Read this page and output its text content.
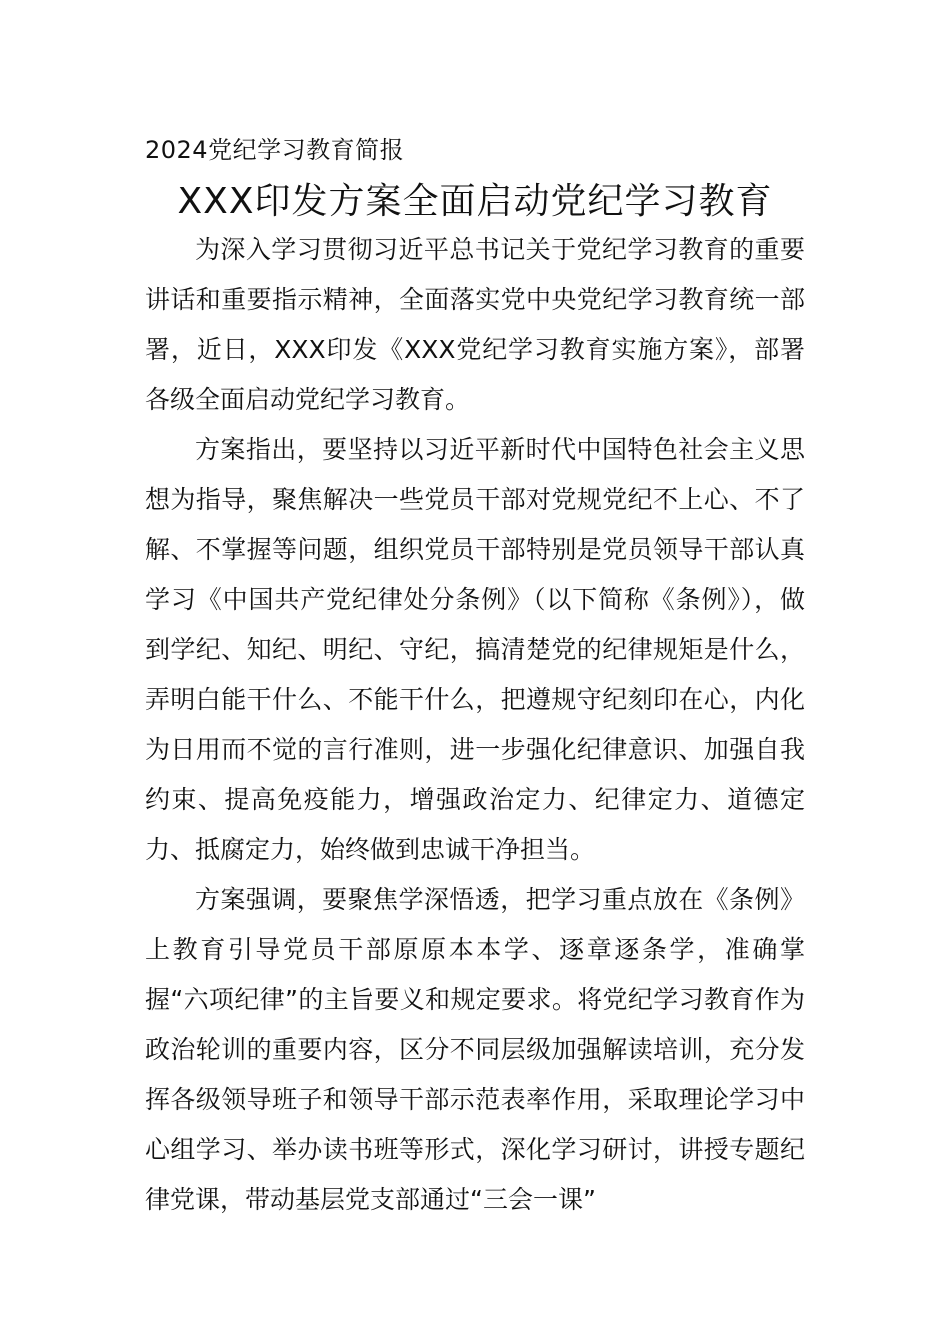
2024党纪学习教育简报
XXX印发方案全面启动党纪学习教育

为深入学习贯彻习近平总书记关于党纪学习教育的重要讲话和重要指示精神，全面落实党中央党纪学习教育统一部署，近日，XXX印发《XXX党纪学习教育实施方案》，部署各级全面启动党纪学习教育。

方案指出，要坚持以习近平新时代中国特色社会主义思想为指导，聚焦解决一些党员干部对党规党纪不上心、不了解、不掌握等问题，组织党员干部特别是党员领导干部认真学习《中国共产党纪律处分条例》（以下简称《条例》），做到学纪、知纪、明纪、守纪，搞清楚党的纪律规矩是什么，弄明白能干什么、不能干什么，把遵规守纪刻印在心，内化为日用而不觉的言行准则，进一步强化纪律意识、加强自我约束、提高免疫能力，增强政治定力、纪律定力、道德定力、抵腐定力，始终做到忠诚干净担当。

方案强调，要聚焦学深悟透，把学习重点放在《条例》上教育引导党员干部原原本本学、逐章逐条学，准确掌握“六项纪律”的主旨要义和规定要求。将党纪学习教育作为政治轮训的重要内容，区分不同层级加强解读培训，充分发挥各级领导班子和领导干部示范表率作用，采取理论学习中心组学习、举办读书班等形式，深化学习研讨，讲授专题纪律党课，带动基层党支部通过“三会一课”
